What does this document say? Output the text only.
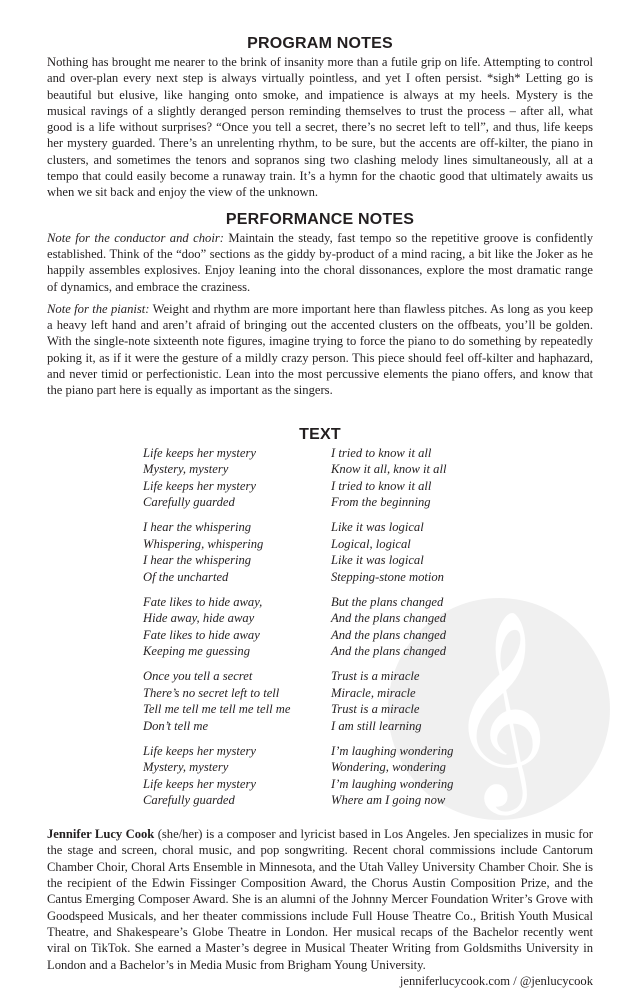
𝄞
PROGRAM NOTES

Nothing has brought me nearer to the brink of insanity more than a futile grip on life. Attempting to control and over-plan every next step is always virtually pointless, and yet I often persist. *sigh* Letting go is beautiful but elusive, like hanging onto smoke, and impatience is always at my heels. Mystery is the musical ravings of a slightly deranged person reminding themselves to trust the process – after all, what good is a life without surprises? “Once you tell a secret, there’s no secret left to tell”, and thus, life keeps her mystery guarded. There’s an unrelenting rhythm, to be sure, but the accents are off-kilter, the piano in clusters, and sometimes the tenors and sopranos sing two clashing melody lines simultaneously, all at a tempo that could easily become a runaway train. It’s a hymn for the chaotic good that ultimately awaits us when we sit back and enjoy the view of the unknown.

PERFORMANCE NOTES

Note for the conductor and choir: Maintain the steady, fast tempo so the repetitive groove is confidently established. Think of the “doo” sections as the giddy by-product of a mind racing, a bit like the Joker as he happily assembles explosives. Enjoy leaning into the choral dissonances, explore the most dramatic range of dynamics, and embrace the craziness.

Note for the pianist: Weight and rhythm are more important here than flawless pitches. As long as you keep a heavy left hand and aren’t afraid of bringing out the accented clusters on the offbeats, you’ll be golden. With the single-note sixteenth note figures, imagine trying to force the piano to do something by repeatedly poking it, as if it were the gesture of a mildly crazy person. This piece should feel off-kilter and haphazard, and never timid or perfectionistic. Lean into the most percussive elements the piano offers, and know that the piano part here is equally as important as the singers.

TEXT
Life keeps her mystery
Mystery, mystery
Life keeps her mystery
Carefully guarded
I hear the whispering
Whispering, whispering
I hear the whispering
Of the uncharted
Fate likes to hide away,
Hide away, hide away
Fate likes to hide away
Keeping me guessing
Once you tell a secret
There’s no secret left to tell
Tell me tell me tell me tell me
Don’t tell me
Life keeps her mystery
Mystery, mystery
Life keeps her mystery
Carefully guarded
I tried to know it all
Know it all, know it all
I tried to know it all
From the beginning
Like it was logical
Logical, logical
Like it was logical
Stepping-stone motion
But the plans changed
And the plans changed
And the plans changed
And the plans changed
Trust is a miracle
Miracle, miracle
Trust is a miracle
I am still learning
I’m laughing wondering
Wondering, wondering
I’m laughing wondering
Where am I going now

Jennifer Lucy Cook (she/her) is a composer and lyricist based in Los Angeles. Jen specializes in music for the stage and screen, choral music, and pop songwriting. Recent choral commissions include Cantorum Chamber Choir, Choral Arts Ensemble in Minnesota, and the Utah Valley University Chamber Choir. She is the recipient of the Edwin Fissinger Composition Award, the Chorus Austin Composition Prize, and the Cantus Emerging Composer Award. She is an alumni of the Johnny Mercer Foundation Writer’s Grove with Goodspeed Musicals, and her theater commissions include Full House Theatre Co., British Youth Musical Theatre, and Shakespeare’s Globe Theatre in London. Her musical recaps of the Bachelor recently went viral on TikTok. She earned a Master’s degree in Musical Theater Writing from Goldsmiths University in London and a Bachelor’s in Media Music from Brigham Young University.
jenniferlucycook.com / @jenlucycook
